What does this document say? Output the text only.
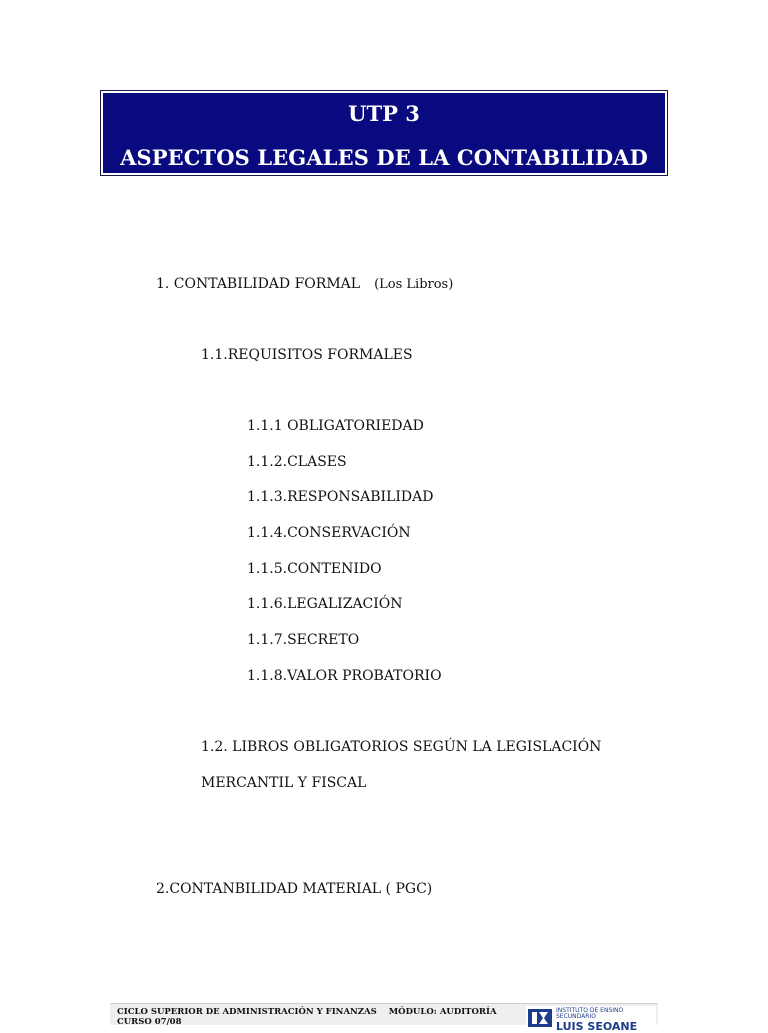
UTP 3
ASPECTOS LEGALES DE LA CONTABILIDAD
1. CONTABILIDAD FORMAL (Los Libros)
1.1.REQUISITOS FORMALES
1.1.1 OBLIGATORIEDAD
1.1.2.CLASES
1.1.3.RESPONSABILIDAD
1.1.4.CONSERVACIÓN
1.1.5.CONTENIDO
1.1.6.LEGALIZACIÓN
1.1.7.SECRETO
1.1.8.VALOR PROBATORIO
1.2. LIBROS OBLIGATORIOS SEGÚN LA LEGISLACIÓN
MERCANTIL Y FISCAL
2.CONTANBILIDAD MATERIAL ( PGC)
CICLO SUPERIOR DE ADMINISTRACIÓN Y FINANZAS MÓDULO: AUDITORÍA
CURSO 07/08
INSTITUTO DE ENSINO
SECUNDARIO
LUIS SEOANE
